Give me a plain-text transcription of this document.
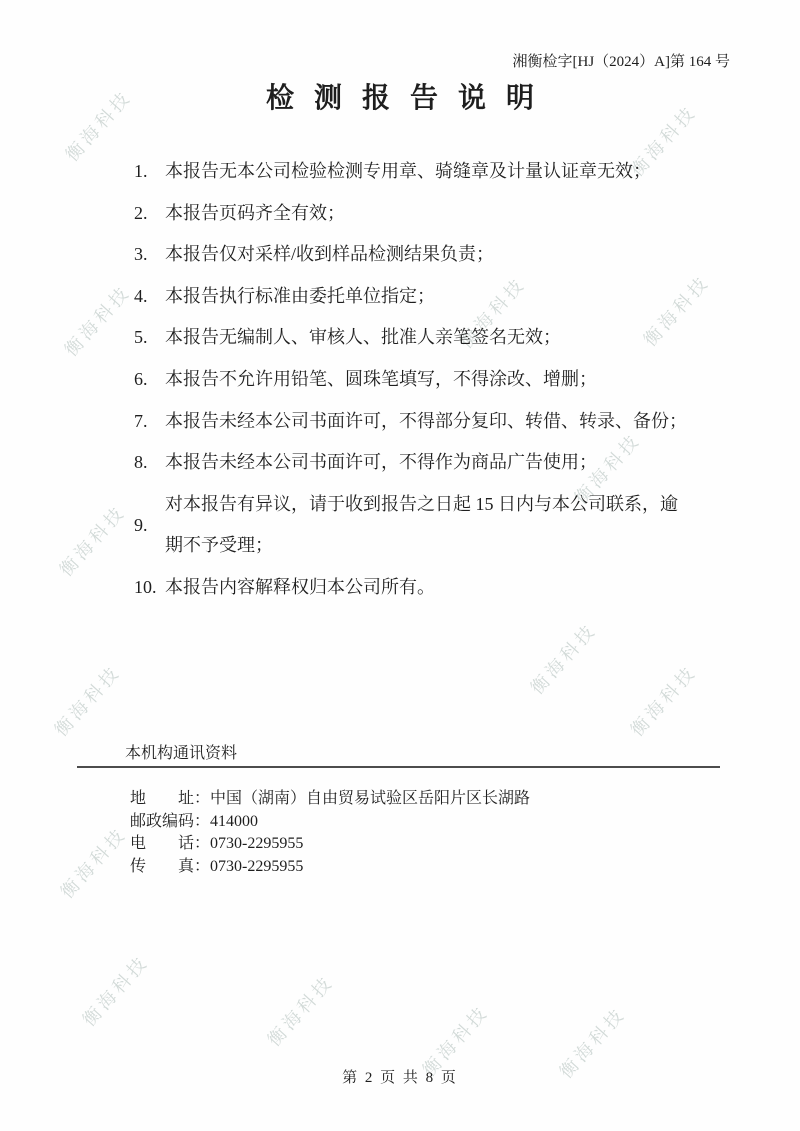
衡海科技	衡海科技
衡海科技	衡海科技	衡海科技
衡海科技
衡海科技
衡海科技
衡海科技
衡海科技
衡海科技
衡海科技	衡海科技	衡海科技	衡海科技
湘衡检字[HJ（2024）A]第 164 号
检测报告说明
1. 本报告无本公司检验检测专用章、骑缝章及计量认证章无效；
2. 本报告页码齐全有效；
3. 本报告仅对采样/收到样品检测结果负责；
4. 本报告执行标准由委托单位指定；
5. 本报告无编制人、审核人、批准人亲笔签名无效；
6. 本报告不允许用铅笔、圆珠笔填写，不得涂改、增删；
7. 本报告未经本公司书面许可，不得部分复印、转借、转录、备份；
8. 本报告未经本公司书面许可，不得作为商品广告使用；
9.
对本报告有异议，请于收到报告之日起 15 日内与本公司联系，逾
期不予受理；
10. 本报告内容解释权归本公司所有。
本机构通讯资料
地　　址：中国（湖南）自由贸易试验区岳阳片区长湖路
邮政编码：414000
电　　话：0730-2295955
传　　真：0730-2295955
第 2 页 共 8 页
